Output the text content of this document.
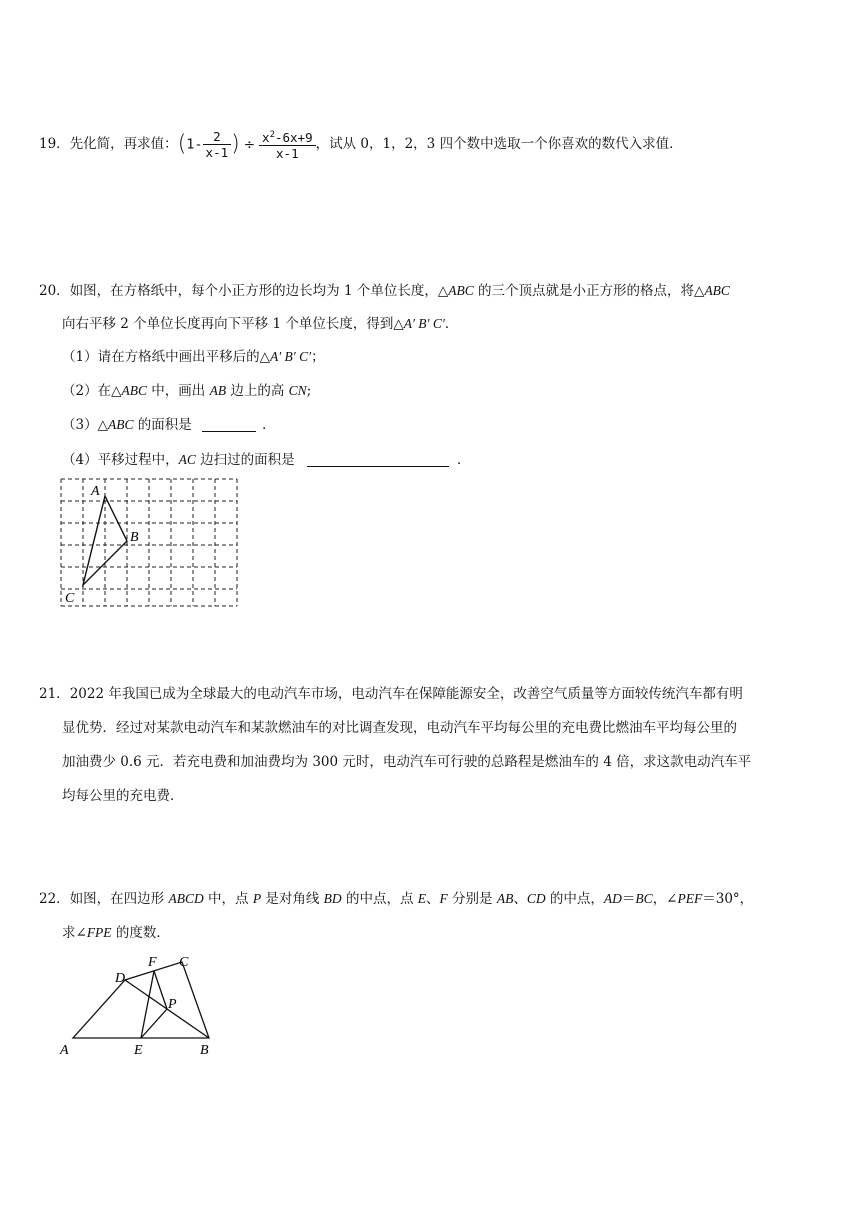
19．先化简，再求值：($1- \frac{2}{x-1}$ ) ÷ $\frac{x^2-6x+9}{x-1}$ ，试从 0，1，2，3 四个数中选取一个你喜欢的数代入求值．
20．如图，在方格纸中，每个小正方形的边长均为 1 个单位长度，△ABC 的三个顶点就是小正方形的格点，将△ABC
向右平移 2 个单位长度再向下平移 1 个单位长度，得到△A′ B′ C′．
（1）请在方格纸中画出平移后的△A′ B′ C′；
（2）在△ABC 中，画出 AB 边上的高 CN;
（3）△ABC 的面积是	．
（4）平移过程中，AC 边扫过的面积是	．
A
B
C
21．2022 年我国已成为全球最大的电动汽车市场，电动汽车在保障能源安全，改善空气质量等方面较传统汽车都有明
显优势．经过对某款电动汽车和某款燃油车的对比调查发现，电动汽车平均每公里的充电费比燃油车平均每公里的
加油费少 0.6 元．若充电费和加油费均为 300 元时，电动汽车可行驶的总路程是燃油车的 4 倍，求这款电动汽车平
均每公里的充电费．
22．如图，在四边形 ABCD 中，点 P 是对角线 BD 的中点，点 E、F 分别是 AB、CD 的中点，AD＝BC，∠PEF＝30°，
求∠FPE 的度数．
A	E	B
D
F C
P
